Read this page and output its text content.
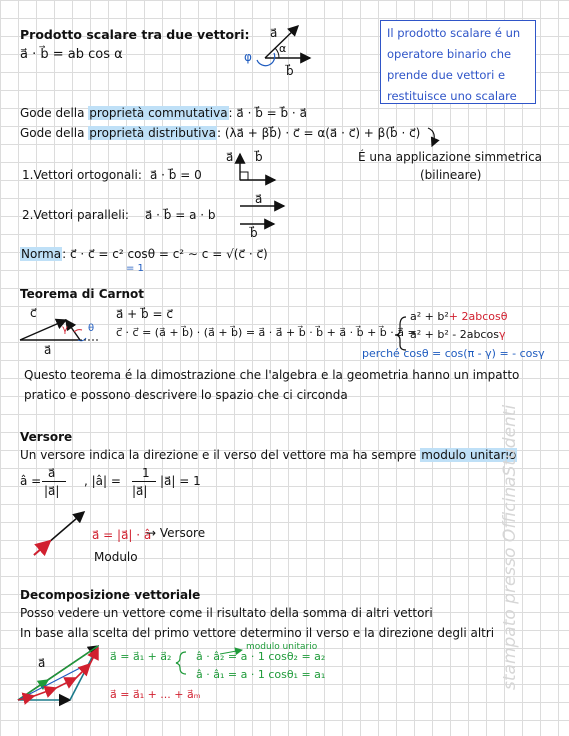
Prodotto scalare tra due vettori:
a⃗ · b⃗ = ab cos α
a⃗
b⃗
α
φ
Il prodotto scalare é un
operatore binario che
prende due vettori e
restituisce uno scalare
Gode della proprietà commutativa: a⃗ · b⃗ = b⃗ · a⃗
Gode della proprietà distributiva: (λa⃗ + βb⃗) · c⃗ = α(a⃗ · c⃗) + β(b⃗ · c⃗)
É una applicazione simmetrica
(bilineare)
1.Vettori ortogonali: a⃗ · b⃗ = 0
b⃗
a⃗
2.Vettori paralleli: a⃗ · b⃗ = a · b
a⃗
b⃗
Norma: c⃗ · c⃗ = c² cosθ = c² ∼ c = √(c⃗ · c⃗)
= 1
Teorema di Carnot
c⃗
a⃗
γ θ
a⃗ + b⃗ = c⃗
c⃗ · c⃗ = (a⃗ + b⃗) · (a⃗ + b⃗) = a⃗ · a⃗ + b⃗ · b⃗ + a⃗ · b⃗ + b⃗ · a⃗ =
a² + b²+ 2abcosθ
a² + b² - 2abcosγ
perché cosθ = cos(π - γ) = - cosγ
Questo teorema é la dimostrazione che l'algebra e la geometria hanno un impatto
pratico e possono descrivere lo spazio che ci circonda
Versore
Un versore indica la direzione e il verso del vettore ma ha sempre modulo unitario
â =
a⃗
|a⃗|
, |â| =
1
|a⃗|
|a⃗| = 1
a⃗ = |a⃗| · â
→ Versore
Modulo
Decomposizione vettoriale
Posso vedere un vettore come il risultato della somma di altri vettori
In base alla scelta del primo vettore determino il verso e la direzione degli altri
a⃗	a⃗ = a⃗₁ + a⃗₂ â · â₂ = a · 1 cosθ₂ = a₂
â · â₁ = a · 1 cosθ₁ = a₁
modulo unitario
a⃗ = a⃗₁ + ... + a⃗ₘ
stampato presso OfficinaStudenti
